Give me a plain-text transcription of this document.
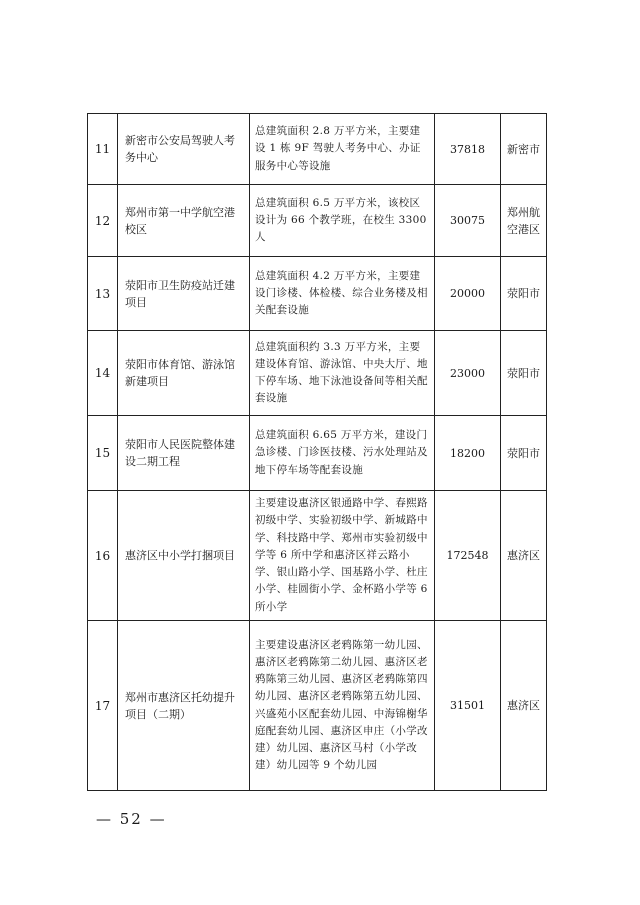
11	新密市公安局驾驶人考务中心	总建筑面积 2.8 万平方米，主要建设 1 栋 9F 驾驶人考务中心、办证服务中心等设施	37818	新密市
12	郑州市第一中学航空港校区	总建筑面积 6.5 万平方米，该校区设计为 66 个教学班，在校生 3300 人	30075	郑州航空港区
13	荥阳市卫生防疫站迁建项目	总建筑面积 4.2 万平方米，主要建设门诊楼、体检楼、综合业务楼及相关配套设施	20000	荥阳市
14	荥阳市体育馆、游泳馆新建项目	总建筑面积约 3.3 万平方米，主要建设体育馆、游泳馆、中央大厅、地下停车场、地下泳池设备间等相关配套设施	23000	荥阳市
15	荥阳市人民医院整体建设二期工程	总建筑面积 6.65 万平方米，建设门急诊楼、门诊医技楼、污水处理站及地下停车场等配套设施	18200	荥阳市
16	惠济区中小学打捆项目	主要建设惠济区银通路中学、春熙路初级中学、实验初级中学、新城路中学、科技路中学、郑州市实验初级中学等 6 所中学和惠济区祥云路小学、银山路小学、国基路小学、杜庄小学、桂圆街小学、金杯路小学等 6 所小学	172548	惠济区
17	郑州市惠济区托幼提升项目（二期）	主要建设惠济区老鸦陈第一幼儿园、惠济区老鸦陈第二幼儿园、惠济区老鸦陈第三幼儿园、惠济区老鸦陈第四幼儿园、惠济区老鸦陈第五幼儿园、兴盛苑小区配套幼儿园、中海锦榭华庭配套幼儿园、惠济区申庄（小学改建）幼儿园、惠济区马村（小学改建）幼儿园等 9 个幼儿园	31501	惠济区
— 52 —
